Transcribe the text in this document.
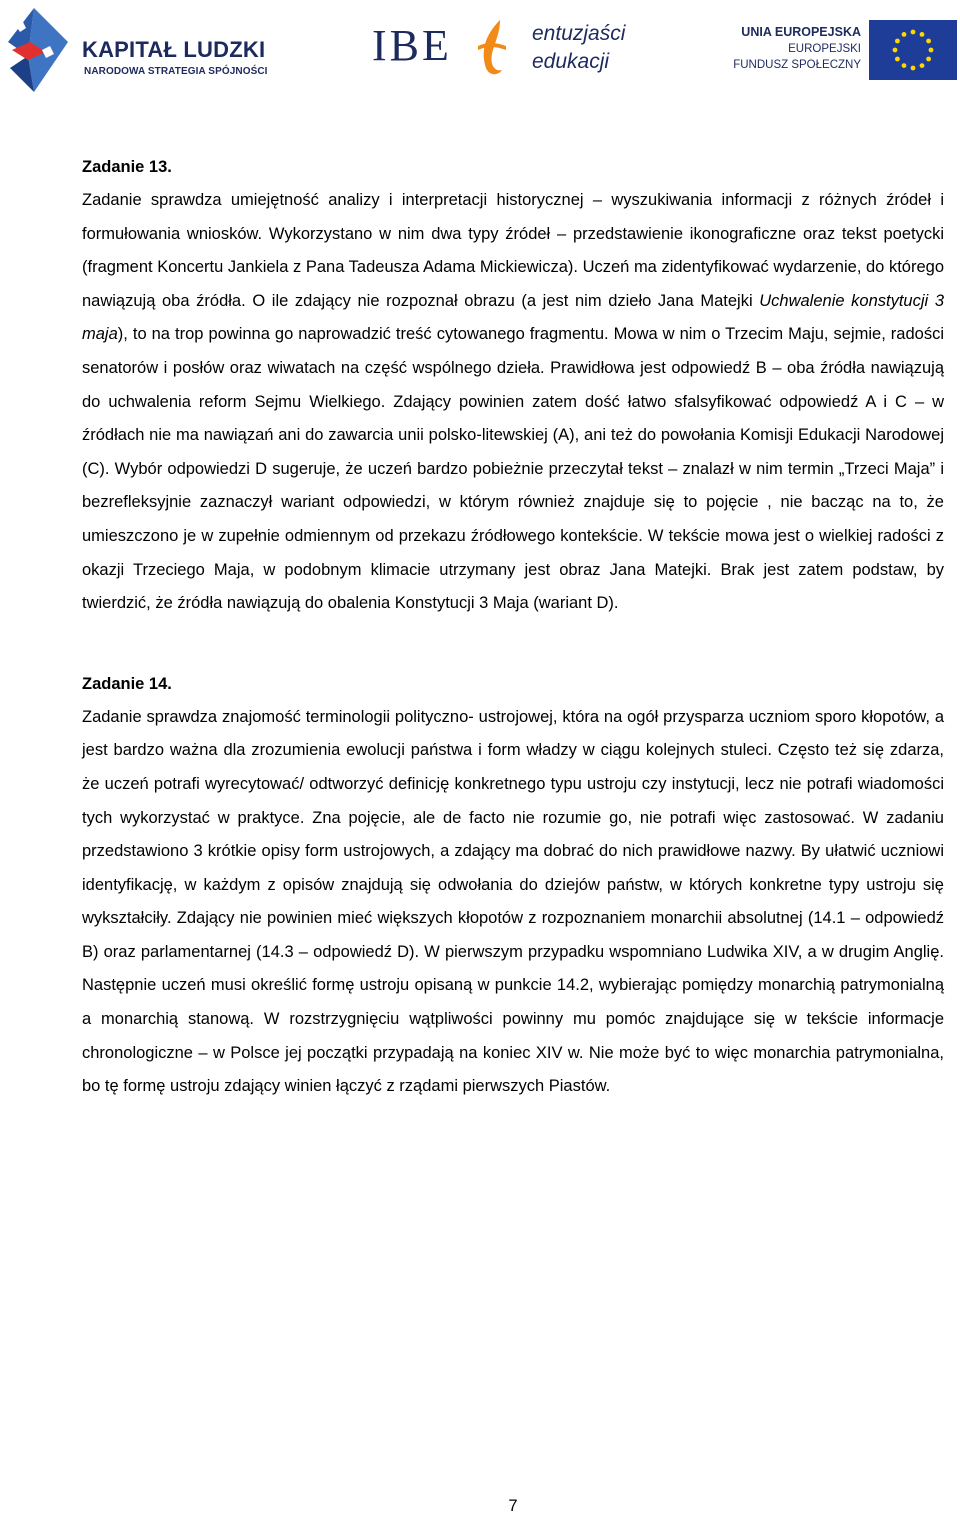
KAPITAŁ LUDZKI
NARODOWA STRATEGIA SPÓJNOŚCI
IBE	entuzjaści
edukacji
UNIA EUROPEJSKA
EUROPEJSKI
FUNDUSZ SPOŁECZNY
Zadanie 13.

Zadanie sprawdza umiejętność analizy i interpretacji historycznej – wyszukiwania informacji z różnych źródeł i formułowania wniosków. Wykorzystano w nim dwa typy źródeł – przedstawienie ikonograficzne oraz tekst poetycki (fragment Koncertu Jankiela z Pana Tadeusza Adama Mickiewicza). Uczeń ma zidentyfikować wydarzenie, do którego nawiązują oba źródła. O ile zdający nie rozpoznał obrazu (a jest nim dzieło Jana Matejki Uchwalenie konstytucji 3 maja), to na trop powinna go naprowadzić treść cytowanego fragmentu. Mowa w nim o Trzecim Maju, sejmie, radości senatorów i posłów oraz wiwatach na część wspólnego dzieła. Prawidłowa jest odpowiedź B – oba źródła nawiązują do uchwalenia reform Sejmu Wielkiego. Zdający powinien zatem dość łatwo sfalsyfikować odpowiedź A i C – w źródłach nie ma nawiązań ani do zawarcia unii polsko-litewskiej (A), ani też do powołania Komisji Edukacji Narodowej (C). Wybór odpowiedzi D sugeruje, że uczeń bardzo pobieżnie przeczytał tekst – znalazł w nim termin „Trzeci Maja” i bezrefleksyjnie zaznaczył wariant odpowiedzi, w którym również znajduje się to pojęcie , nie bacząc na to, że umieszczono je w zupełnie odmiennym od przekazu źródłowego kontekście. W tekście mowa jest o wielkiej radości z okazji Trzeciego Maja, w podobnym klimacie utrzymany jest obraz Jana Matejki. Brak jest zatem podstaw, by twierdzić, że źródła nawiązują do obalenia Konstytucji 3 Maja (wariant D).

Zadanie 14.

Zadanie sprawdza znajomość terminologii polityczno- ustrojowej, która na ogół przysparza uczniom sporo kłopotów, a jest bardzo ważna dla zrozumienia ewolucji państwa i form władzy w ciągu kolejnych stuleci. Często też się zdarza, że uczeń potrafi wyrecytować/ odtworzyć definicję konkretnego typu ustroju czy instytucji, lecz nie potrafi wiadomości tych wykorzystać w praktyce. Zna pojęcie, ale de facto nie rozumie go, nie potrafi więc zastosować. W zadaniu przedstawiono 3 krótkie opisy form ustrojowych, a zdający ma dobrać do nich prawidłowe nazwy. By ułatwić uczniowi identyfikację, w każdym z opisów znajdują się odwołania do dziejów państw, w których konkretne typy ustroju się wykształciły. Zdający nie powinien mieć większych kłopotów z rozpoznaniem monarchii absolutnej (14.1 – odpowiedź B) oraz parlamentarnej (14.3 – odpowiedź D). W pierwszym przypadku wspomniano Ludwika XIV, a w drugim Anglię. Następnie uczeń musi określić formę ustroju opisaną w punkcie 14.2, wybierając pomiędzy monarchią patrymonialną a monarchią stanową. W rozstrzygnięciu wątpliwości powinny mu pomóc znajdujące się w tekście informacje chronologiczne – w Polsce jej początki przypadają na koniec XIV w. Nie może być to więc monarchia patrymonialna, bo tę formę ustroju zdający winien łączyć z rządami pierwszych Piastów.

7
